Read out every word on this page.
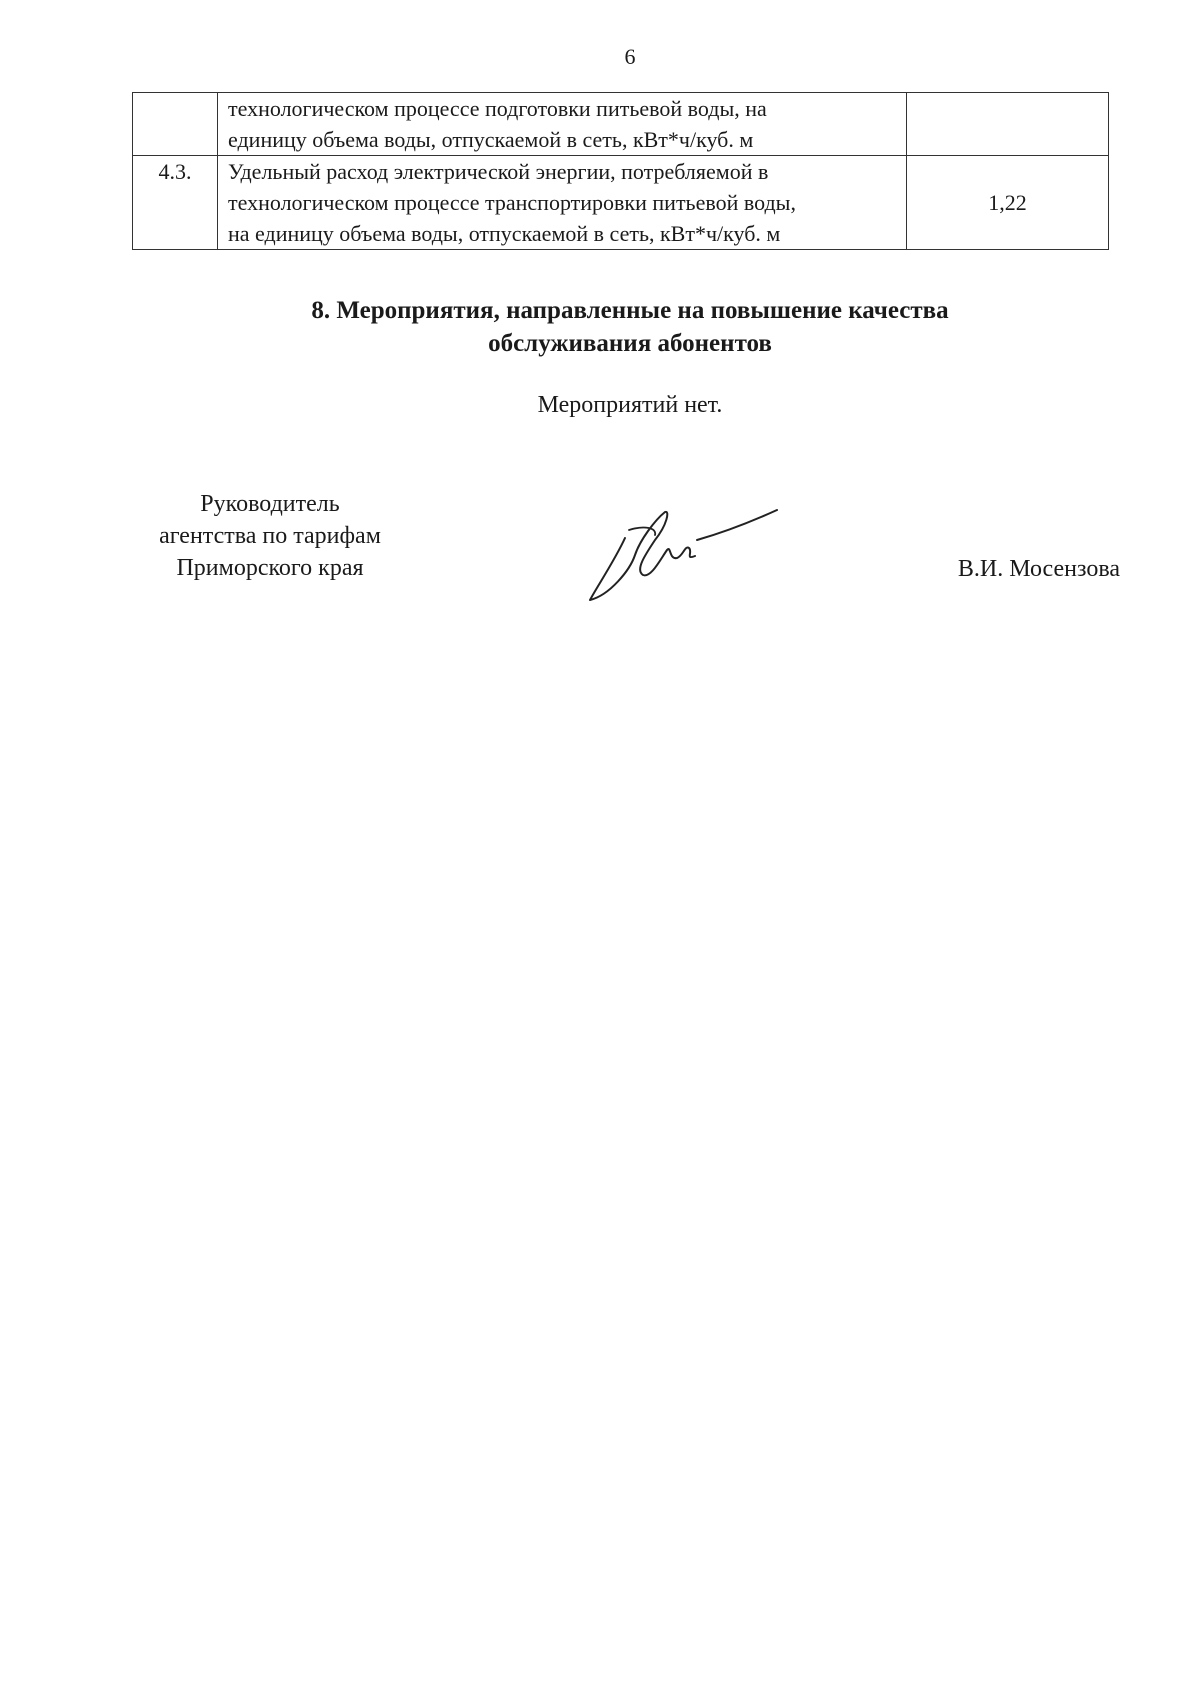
6

	технологическом процессе подготовки питьевой воды, на
единицу объема воды, отпускаемой в сеть, кВт*ч/куб. м	

4.3.	Удельный расход электрической энергии, потребляемой в
технологическом процессе транспортировки питьевой воды,
на единицу объема воды, отпускаемой в сеть, кВт*ч/куб. м	1,22
8. Мероприятия, направленные на повышение качества
обслуживания абонентов
Мероприятий нет.
Руководитель
агентства по тарифам
Приморского края	В.И. Мосензова
